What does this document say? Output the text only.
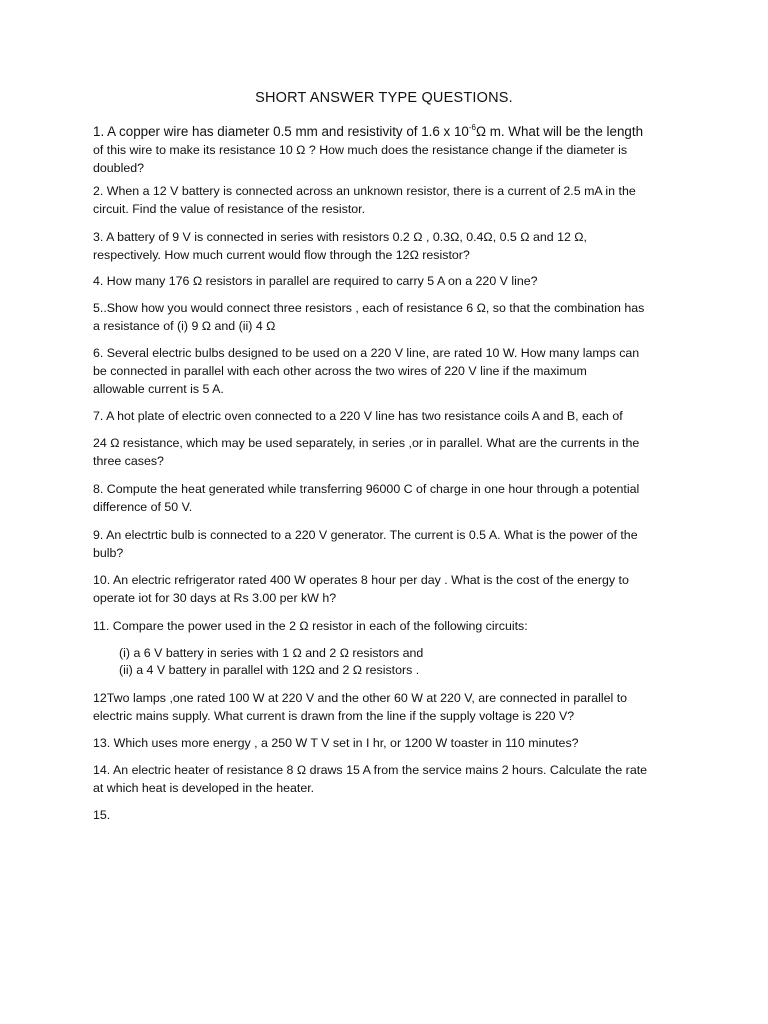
SHORT ANSWER TYPE QUESTIONS.
1. A copper wire has diameter 0.5 mm and resistivity of 1.6 x $10^{-6}\Omega$ m. What will be the length
of this wire to make its resistance 10 Ω ? How much does the resistance change if the diameter is
doubled?
2. When a 12 V battery is connected across an unknown resistor, there is a current of 2.5 mA in the
circuit. Find the value of resistance of the resistor.
3. A battery of 9 V is connected in series with resistors 0.2 Ω , 0.3Ω, 0.4Ω, 0.5 Ω and 12 Ω,
respectively. How much current would flow through the 12Ω resistor?
4. How many 176 Ω resistors in parallel are required to carry 5 A on a 220 V line?
5..Show how you would connect three resistors , each of resistance 6 Ω, so that the combination has
a resistance of (i) 9 Ω and (ii) 4 Ω
6. Several electric bulbs designed to be used on a 220 V line, are rated 10 W. How many lamps can
be connected in parallel with each other across the two wires of 220 V line if the maximum
allowable current is 5 A.
7. A hot plate of electric oven connected to a 220 V line has two resistance coils A and B, each of
24 Ω resistance, which may be used separately, in series ,or in parallel. What are the currents in the
three cases?
8. Compute the heat generated while transferring 96000 C of charge in one hour through a potential
difference of 50 V.
9. An electrtic bulb is connected to a 220 V generator. The current is 0.5 A. What is the power of the
bulb?
10. An electric refrigerator rated 400 W operates 8 hour per day . What is the cost of the energy to
operate iot for 30 days at Rs 3.00 per kW h?
11. Compare the power used in the 2 Ω resistor in each of the following circuits:
(i) a 6 V battery in series with 1 Ω and 2 Ω resistors and
(ii) a 4 V battery in parallel with 12Ω and 2 Ω resistors .
12Two lamps ,one rated 100 W at 220 V and the other 60 W at 220 V, are connected in parallel to
electric mains supply. What current is drawn from the line if the supply voltage is 220 V?
13. Which uses more energy , a 250 W T V set in I hr, or 1200 W toaster in 110 minutes?
14. An electric heater of resistance 8 Ω draws 15 A from the service mains 2 hours. Calculate the rate
at which heat is developed in the heater.
15.
